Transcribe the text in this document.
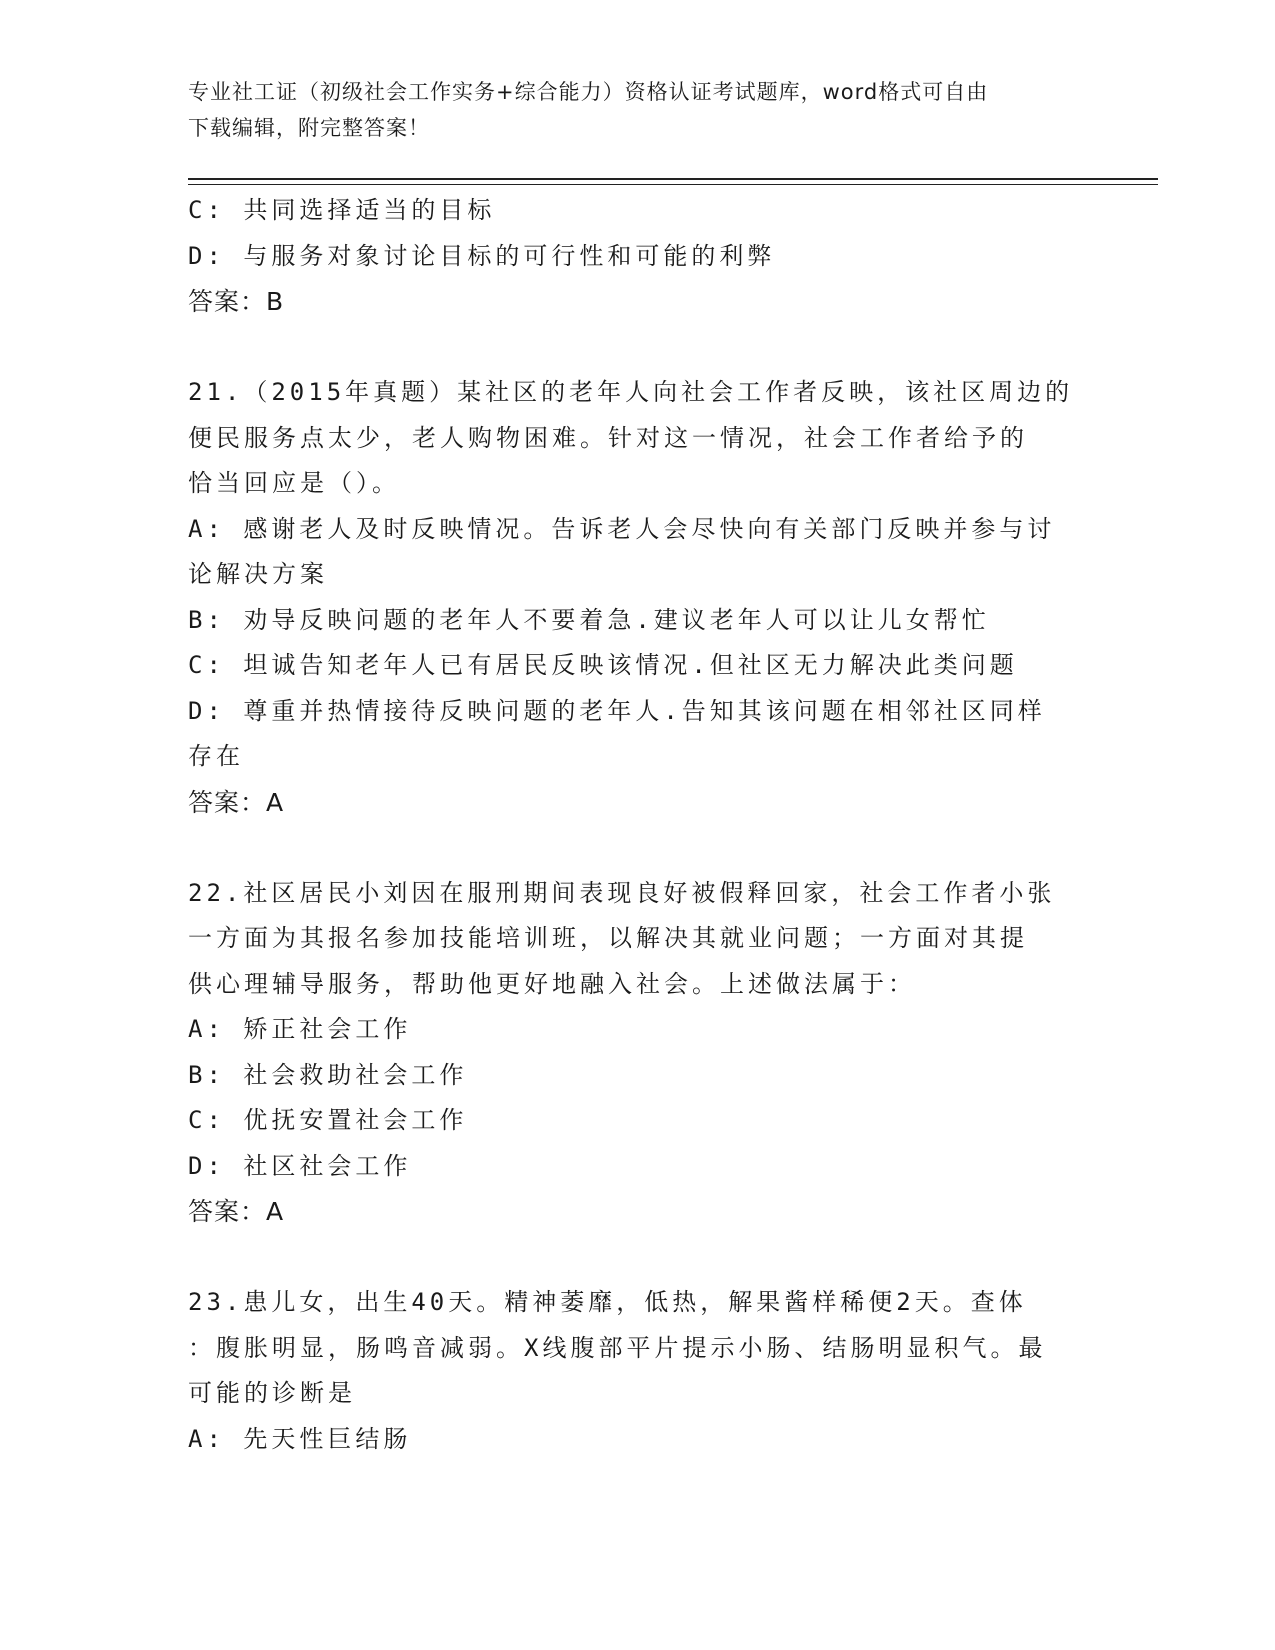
专业社工证（初级社会工作实务+综合能力）资格认证考试题库，word格式可自由
下载编辑，附完整答案！
C: 共同选择适当的目标
D: 与服务对象讨论目标的可行性和可能的利弊
答案：B
21.（2015年真题）某社区的老年人向社会工作者反映，该社区周边的
便民服务点太少，老人购物困难。针对这一情况，社会工作者给予的
恰当回应是（）。
A: 感谢老人及时反映情况。告诉老人会尽快向有关部门反映并参与讨
论解决方案
B: 劝导反映问题的老年人不要着急.建议老年人可以让儿女帮忙
C: 坦诚告知老年人已有居民反映该情况.但社区无力解决此类问题
D: 尊重并热情接待反映问题的老年人.告知其该问题在相邻社区同样
存在
答案：A
22.社区居民小刘因在服刑期间表现良好被假释回家，社会工作者小张
一方面为其报名参加技能培训班，以解决其就业问题；一方面对其提
供心理辅导服务，帮助他更好地融入社会。上述做法属于：
A: 矫正社会工作
B: 社会救助社会工作
C: 优抚安置社会工作
D: 社区社会工作
答案：A
23.患儿女，出生40天。精神萎靡，低热，解果酱样稀便2天。查体
：腹胀明显，肠鸣音减弱。X线腹部平片提示小肠、结肠明显积气。最
可能的诊断是
A: 先天性巨结肠
